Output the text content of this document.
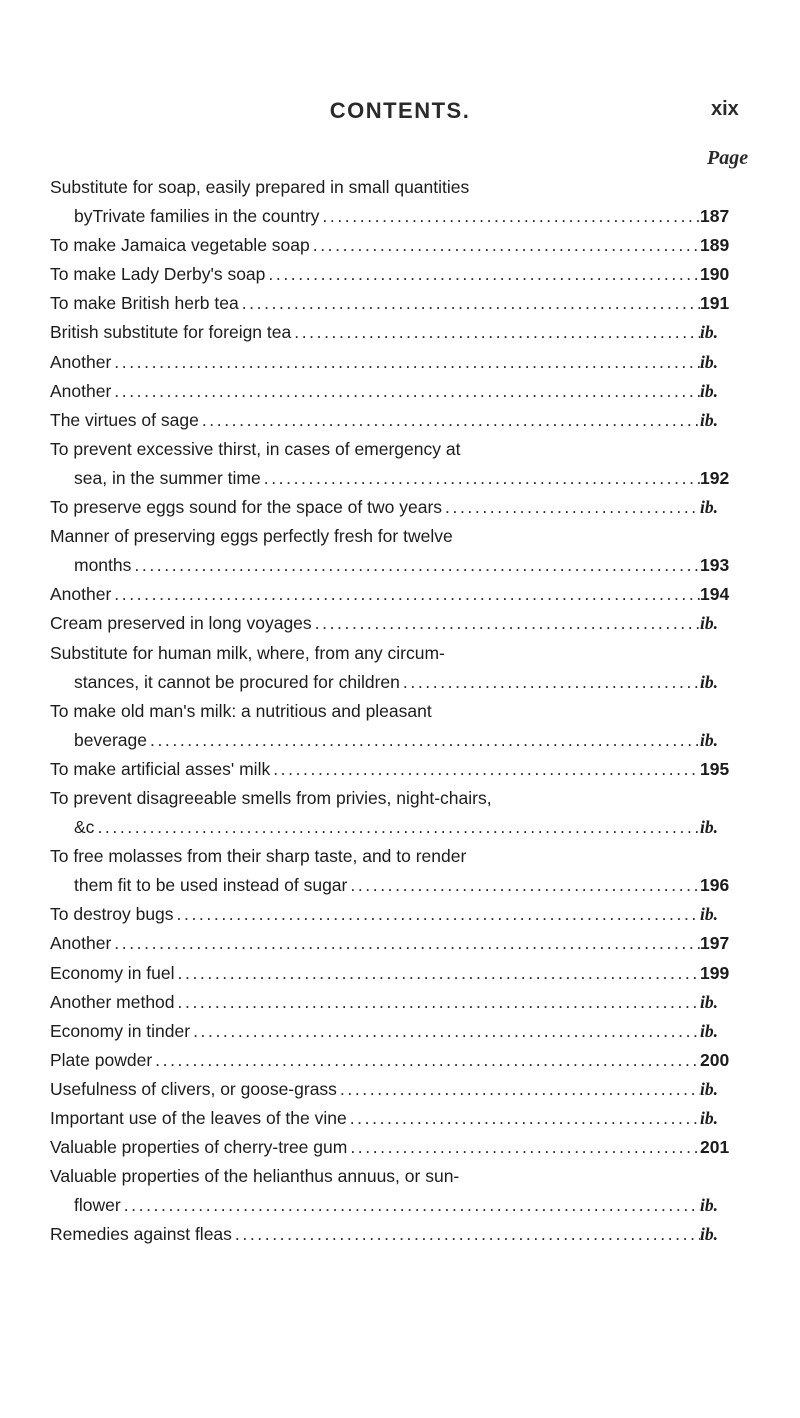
CONTENTS.	xix
Page
Substitute for soap, easily prepared in small quantities
byTrivate families in the country .....	187
To make Jamaica vegetable soap .....	189
To make Lady Derby's soap .....	190
To make British herb tea .....	191
British substitute for foreign tea .....	ib.
Another .....	ib.
Another .....	ib.
The virtues of sage .....	ib.
To prevent excessive thirst, in cases of emergency at
sea, in the summer time .....	192
To preserve eggs sound for the space of two years .....	ib.
Manner of preserving eggs perfectly fresh for twelve
months .....	193
Another .....	194
Cream preserved in long voyages .....	ib.
Substitute for human milk, where, from any circum-
stances, it cannot be procured for children .....	ib.
To make old man's milk: a nutritious and pleasant
beverage .....	ib.
To make artificial asses' milk .....	195
To prevent disagreeable smells from privies, night-chairs,
&c .....	ib.
To free molasses from their sharp taste, and to render
them fit to be used instead of sugar .....	196
To destroy bugs .....	ib.
Another .....	197
Economy in fuel .....	199
Another method .....	ib.
Economy in tinder .....	ib.
Plate powder .....	200
Usefulness of clivers, or goose-grass .....	ib.
Important use of the leaves of the vine .....	ib.
Valuable properties of cherry-tree gum .....	201
Valuable properties of the helianthus annuus, or sun-
flower .....	ib.
Remedies against fleas .....	ib.
